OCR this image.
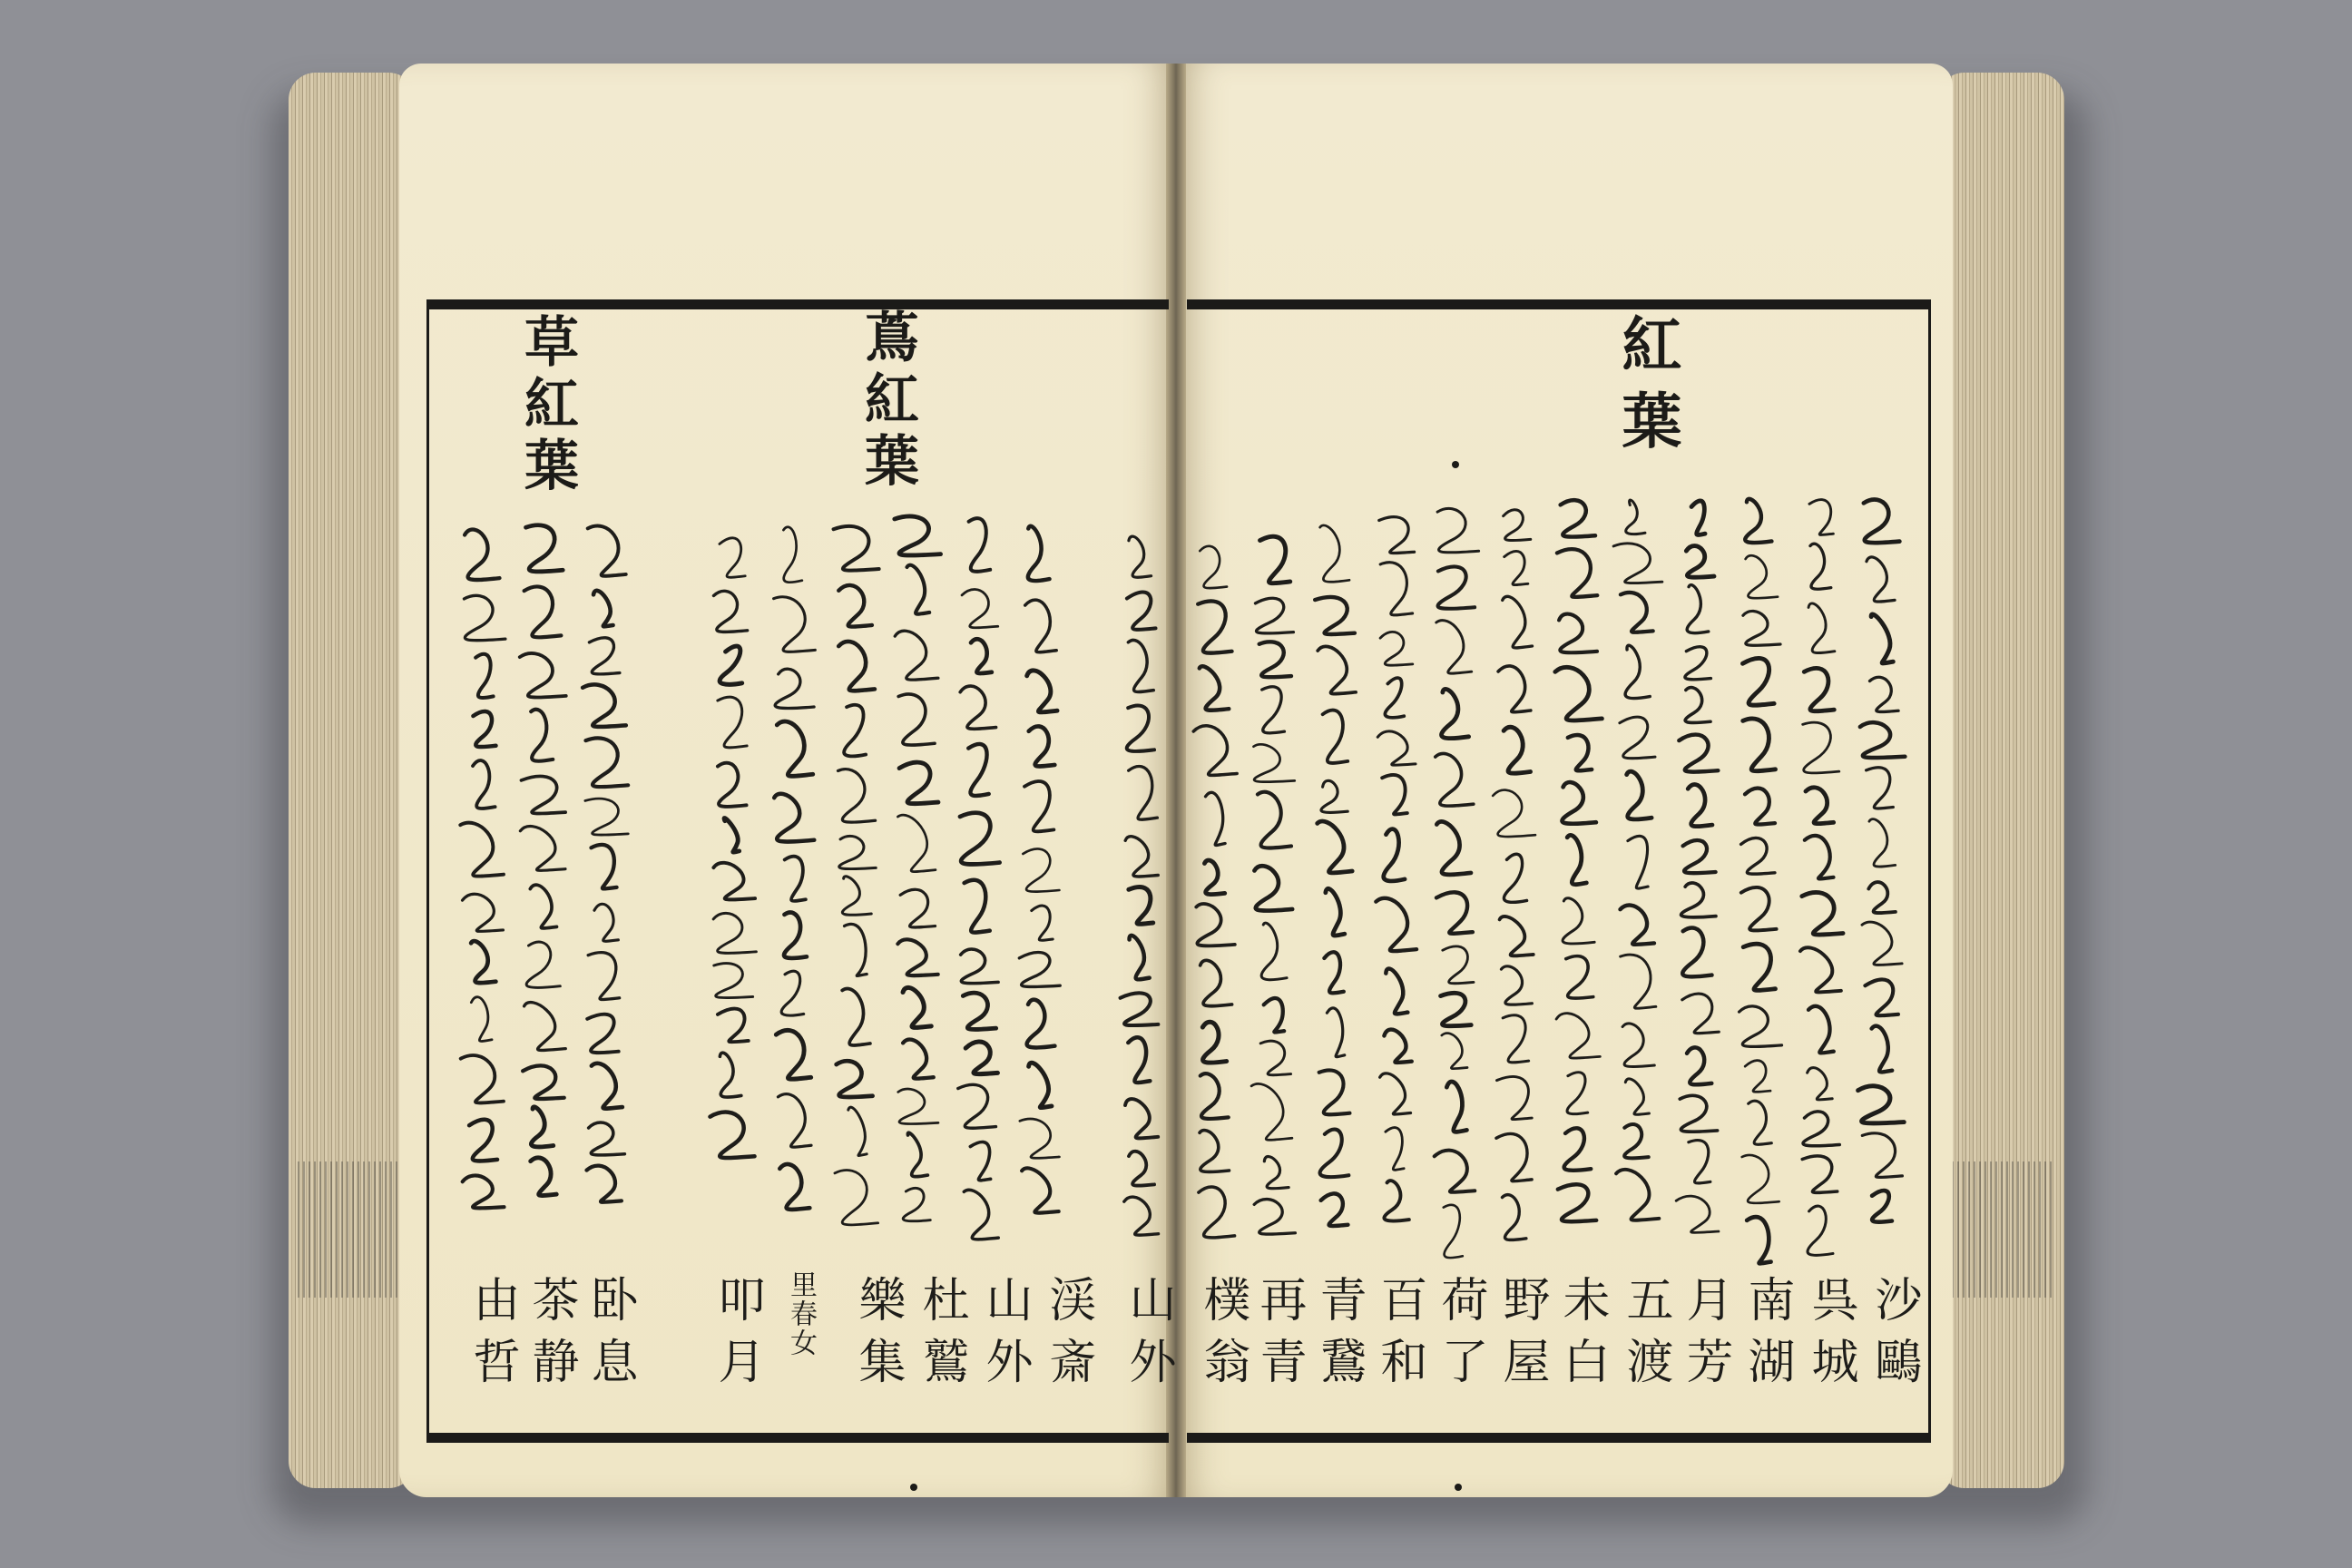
紅葉
蔦紅葉
草紅葉
沙鷗
呉城
南湖
月芳
五渡
未白
野屋
荷了
百和
青鵞
再青
樸翁
山外
渓斎
山外
杜鷲
樂集
里春女
叩月
卧息
茶静
由哲
